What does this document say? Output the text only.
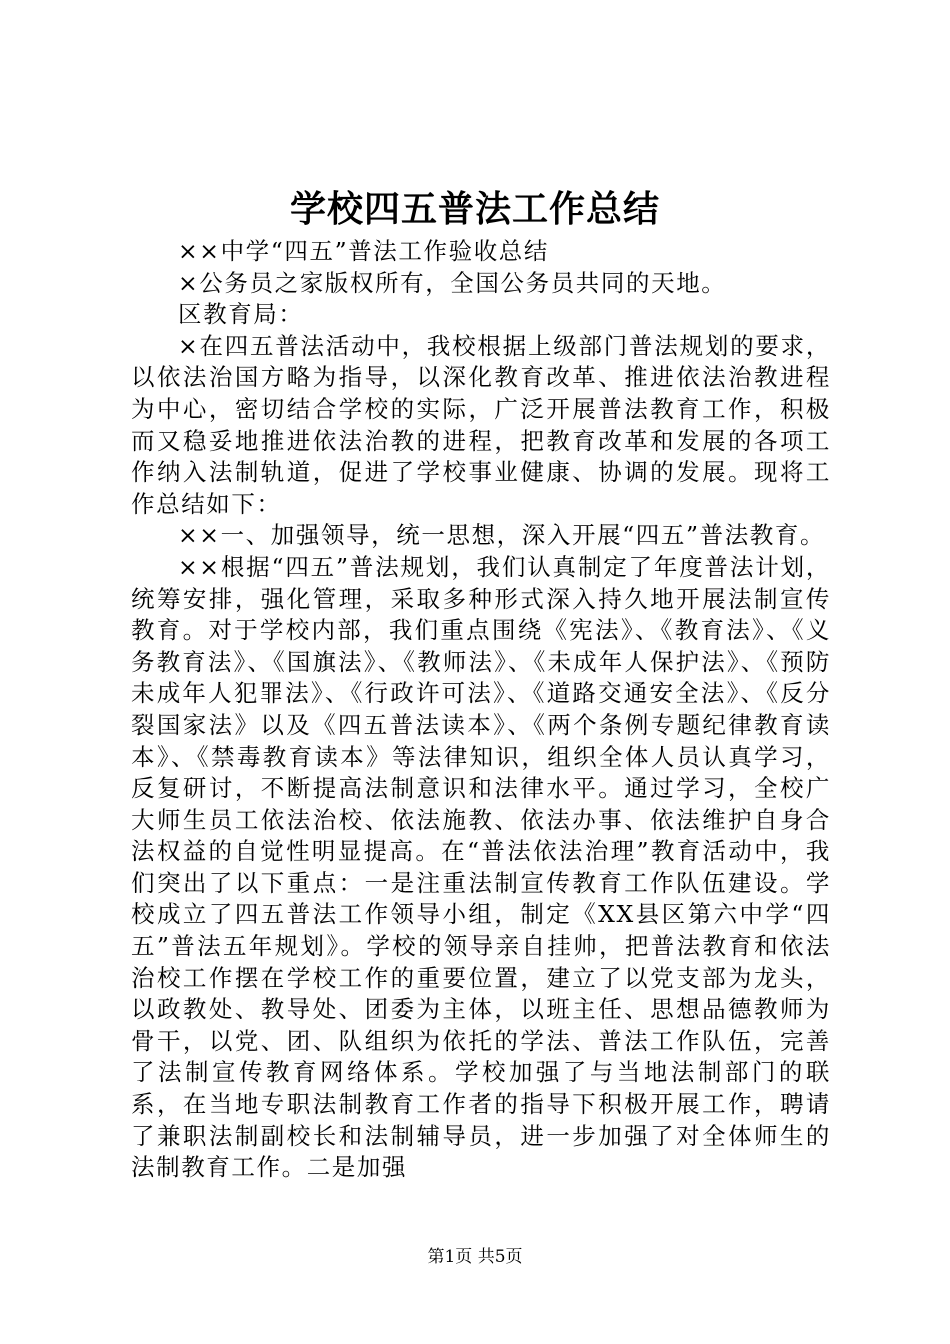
学校四五普法工作总结

××中学“四五”普法工作验收总结

×公务员之家版权所有，全国公务员共同的天地。

区教育局：

×在四五普法活动中，我校根据上级部门普法规划的要求，以依法治国方略为指导，以深化教育改革、推进依法治教进程为中心，密切结合学校的实际，广泛开展普法教育工作，积极而又稳妥地推进依法治教的进程，把教育改革和发展的各项工作纳入法制轨道，促进了学校事业健康、协调的发展。现将工作总结如下：

××一、加强领导，统一思想，深入开展“四五”普法教育。

××根据“四五”普法规划，我们认真制定了年度普法计划，统筹安排，强化管理，采取多种形式深入持久地开展法制宣传教育。对于学校内部，我们重点围绕《宪法》、《教育法》、《义务教育法》、《国旗法》、《教师法》、《未成年人保护法》、《预防未成年人犯罪法》、《行政许可法》、《道路交通安全法》、《反分裂国家法》以及《四五普法读本》、《两个条例专题纪律教育读本》、《禁毒教育读本》等法律知识，组织全体人员认真学习，反复研讨，不断提高法制意识和法律水平。通过学习，全校广大师生员工依法治校、依法施教、依法办事、依法维护自身合法权益的自觉性明显提高。在“普法依法治理”教育活动中，我们突出了以下重点：一是注重法制宣传教育工作队伍建设。学校成立了四五普法工作领导小组，制定《XX县区第六中学“四五”普法五年规划》。学校的领导亲自挂帅，把普法教育和依法治校工作摆在学校工作的重要位置，建立了以党支部为龙头，以政教处、教导处、团委为主体，以班主任、思想品德教师为骨干，以党、团、队组织为依托的学法、普法工作队伍，完善了法制宣传教育网络体系。学校加强了与当地法制部门的联系，在当地专职法制教育工作者的指导下积极开展工作，聘请了兼职法制副校长和法制辅导员，进一步加强了对全体师生的法制教育工作。二是加强

第1页 共5页
